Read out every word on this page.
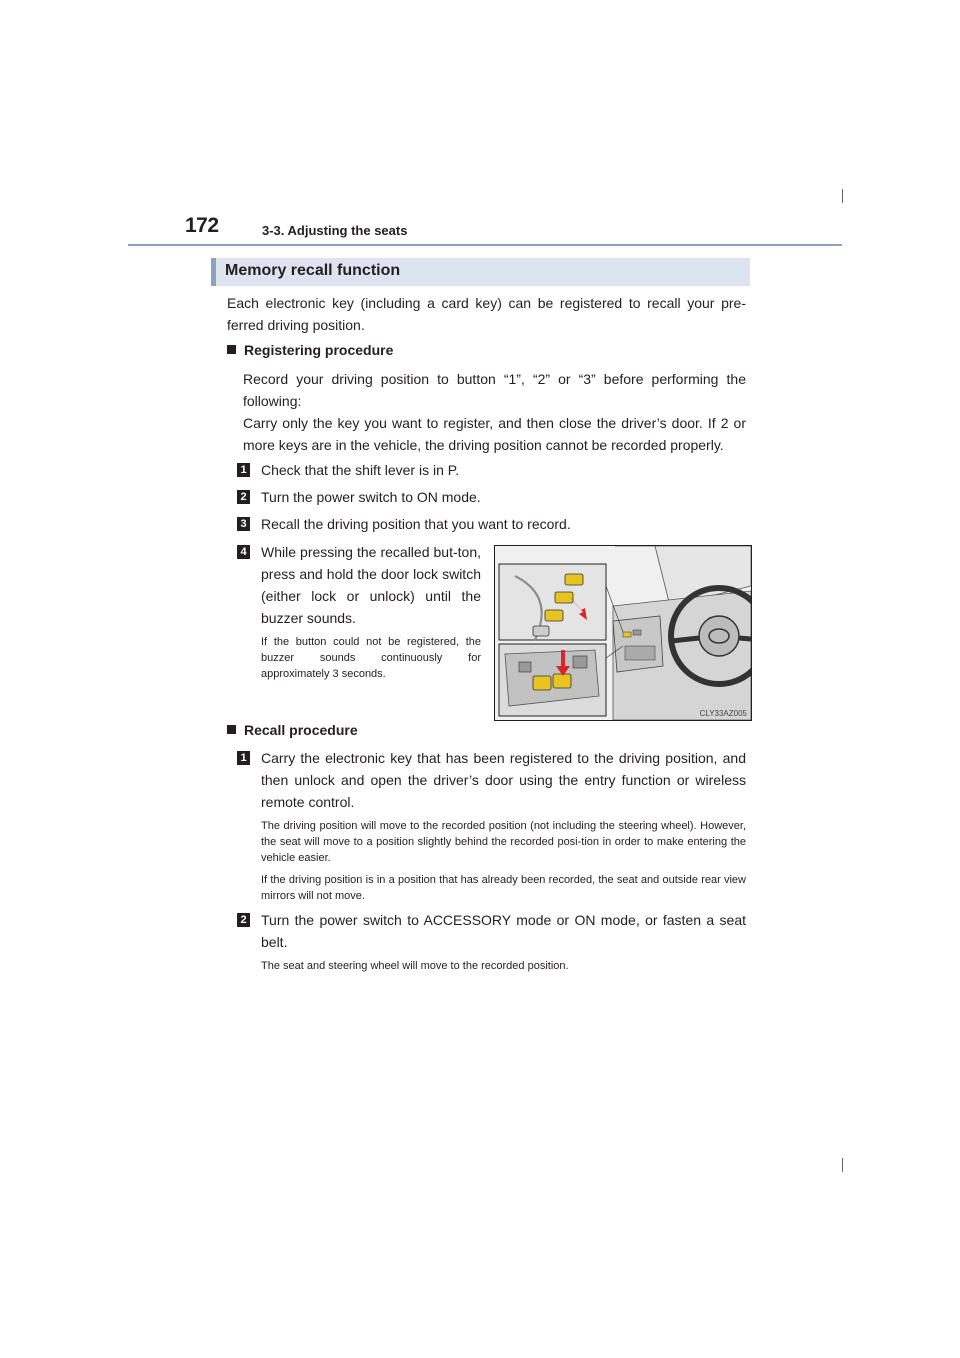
172	3-3. Adjusting the seats
Memory recall function
Each electronic key (including a card key) can be registered to recall your pre-ferred driving position.
Registering procedure
Record your driving position to button “1”, “2” or “3” before performing the following:
Carry only the key you want to register, and then close the driver’s door. If 2 or more keys are in the vehicle, the driving position cannot be recorded properly.
1 Check that the shift lever is in P.
2 Turn the power switch to ON mode.
3 Recall the driving position that you want to record.
4 While pressing the recalled but-ton, press and hold the door lock switch (either lock or unlock) until the buzzer sounds.
If the button could not be registered, the buzzer sounds continuously for approximately 3 seconds.
CLY33AZ005
Recall procedure
1 Carry the electronic key that has been registered to the driving position, and then unlock and open the driver’s door using the entry function or wireless remote control.
The driving position will move to the recorded position (not including the steering wheel). However, the seat will move to a position slightly behind the recorded posi-tion in order to make entering the vehicle easier.
If the driving position is in a position that has already been recorded, the seat and outside rear view mirrors will not move.
2 Turn the power switch to ACCESSORY mode or ON mode, or fasten a seat belt.
The seat and steering wheel will move to the recorded position.
